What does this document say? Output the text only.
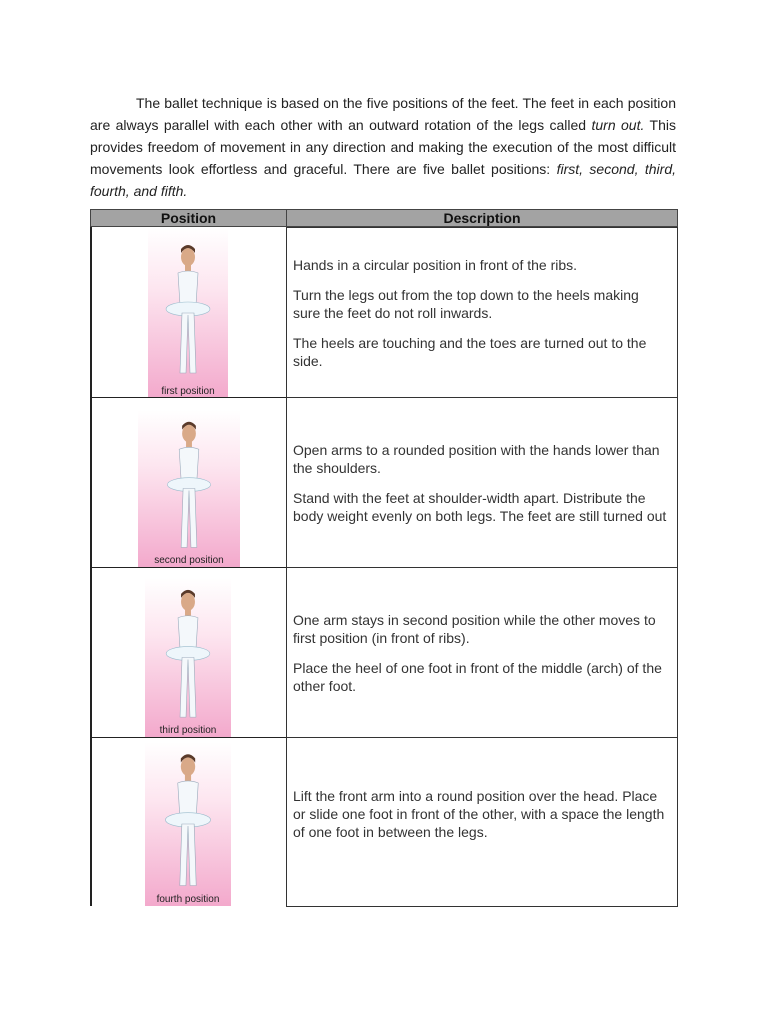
The ballet technique is based on the five positions of the feet. The feet in each position are always parallel with each other with an outward rotation of the legs called turn out. This provides freedom of movement in any direction and making the execution of the most difficult movements look effortless and graceful. There are five ballet positions: first, second, third, fourth, and fifth.

Position	Description
first position

Hands in a circular position in front of the ribs.

Turn the legs out from the top down to the heels making sure the feet do not roll inwards.

The heels are touching and the toes are turned out to the side.

second position

Open arms to a rounded position with the hands lower than the shoulders.

Stand with the feet at shoulder-width apart. Distribute the body weight evenly on both legs. The feet are still turned out

third position

One arm stays in second position while the other moves to first position (in front of ribs).

Place the heel of one foot in front of the middle (arch) of the other foot.

fourth position

Lift the front arm into a round position over the head. Place or slide one foot in front of the other, with a space the length of one foot in between the legs.
